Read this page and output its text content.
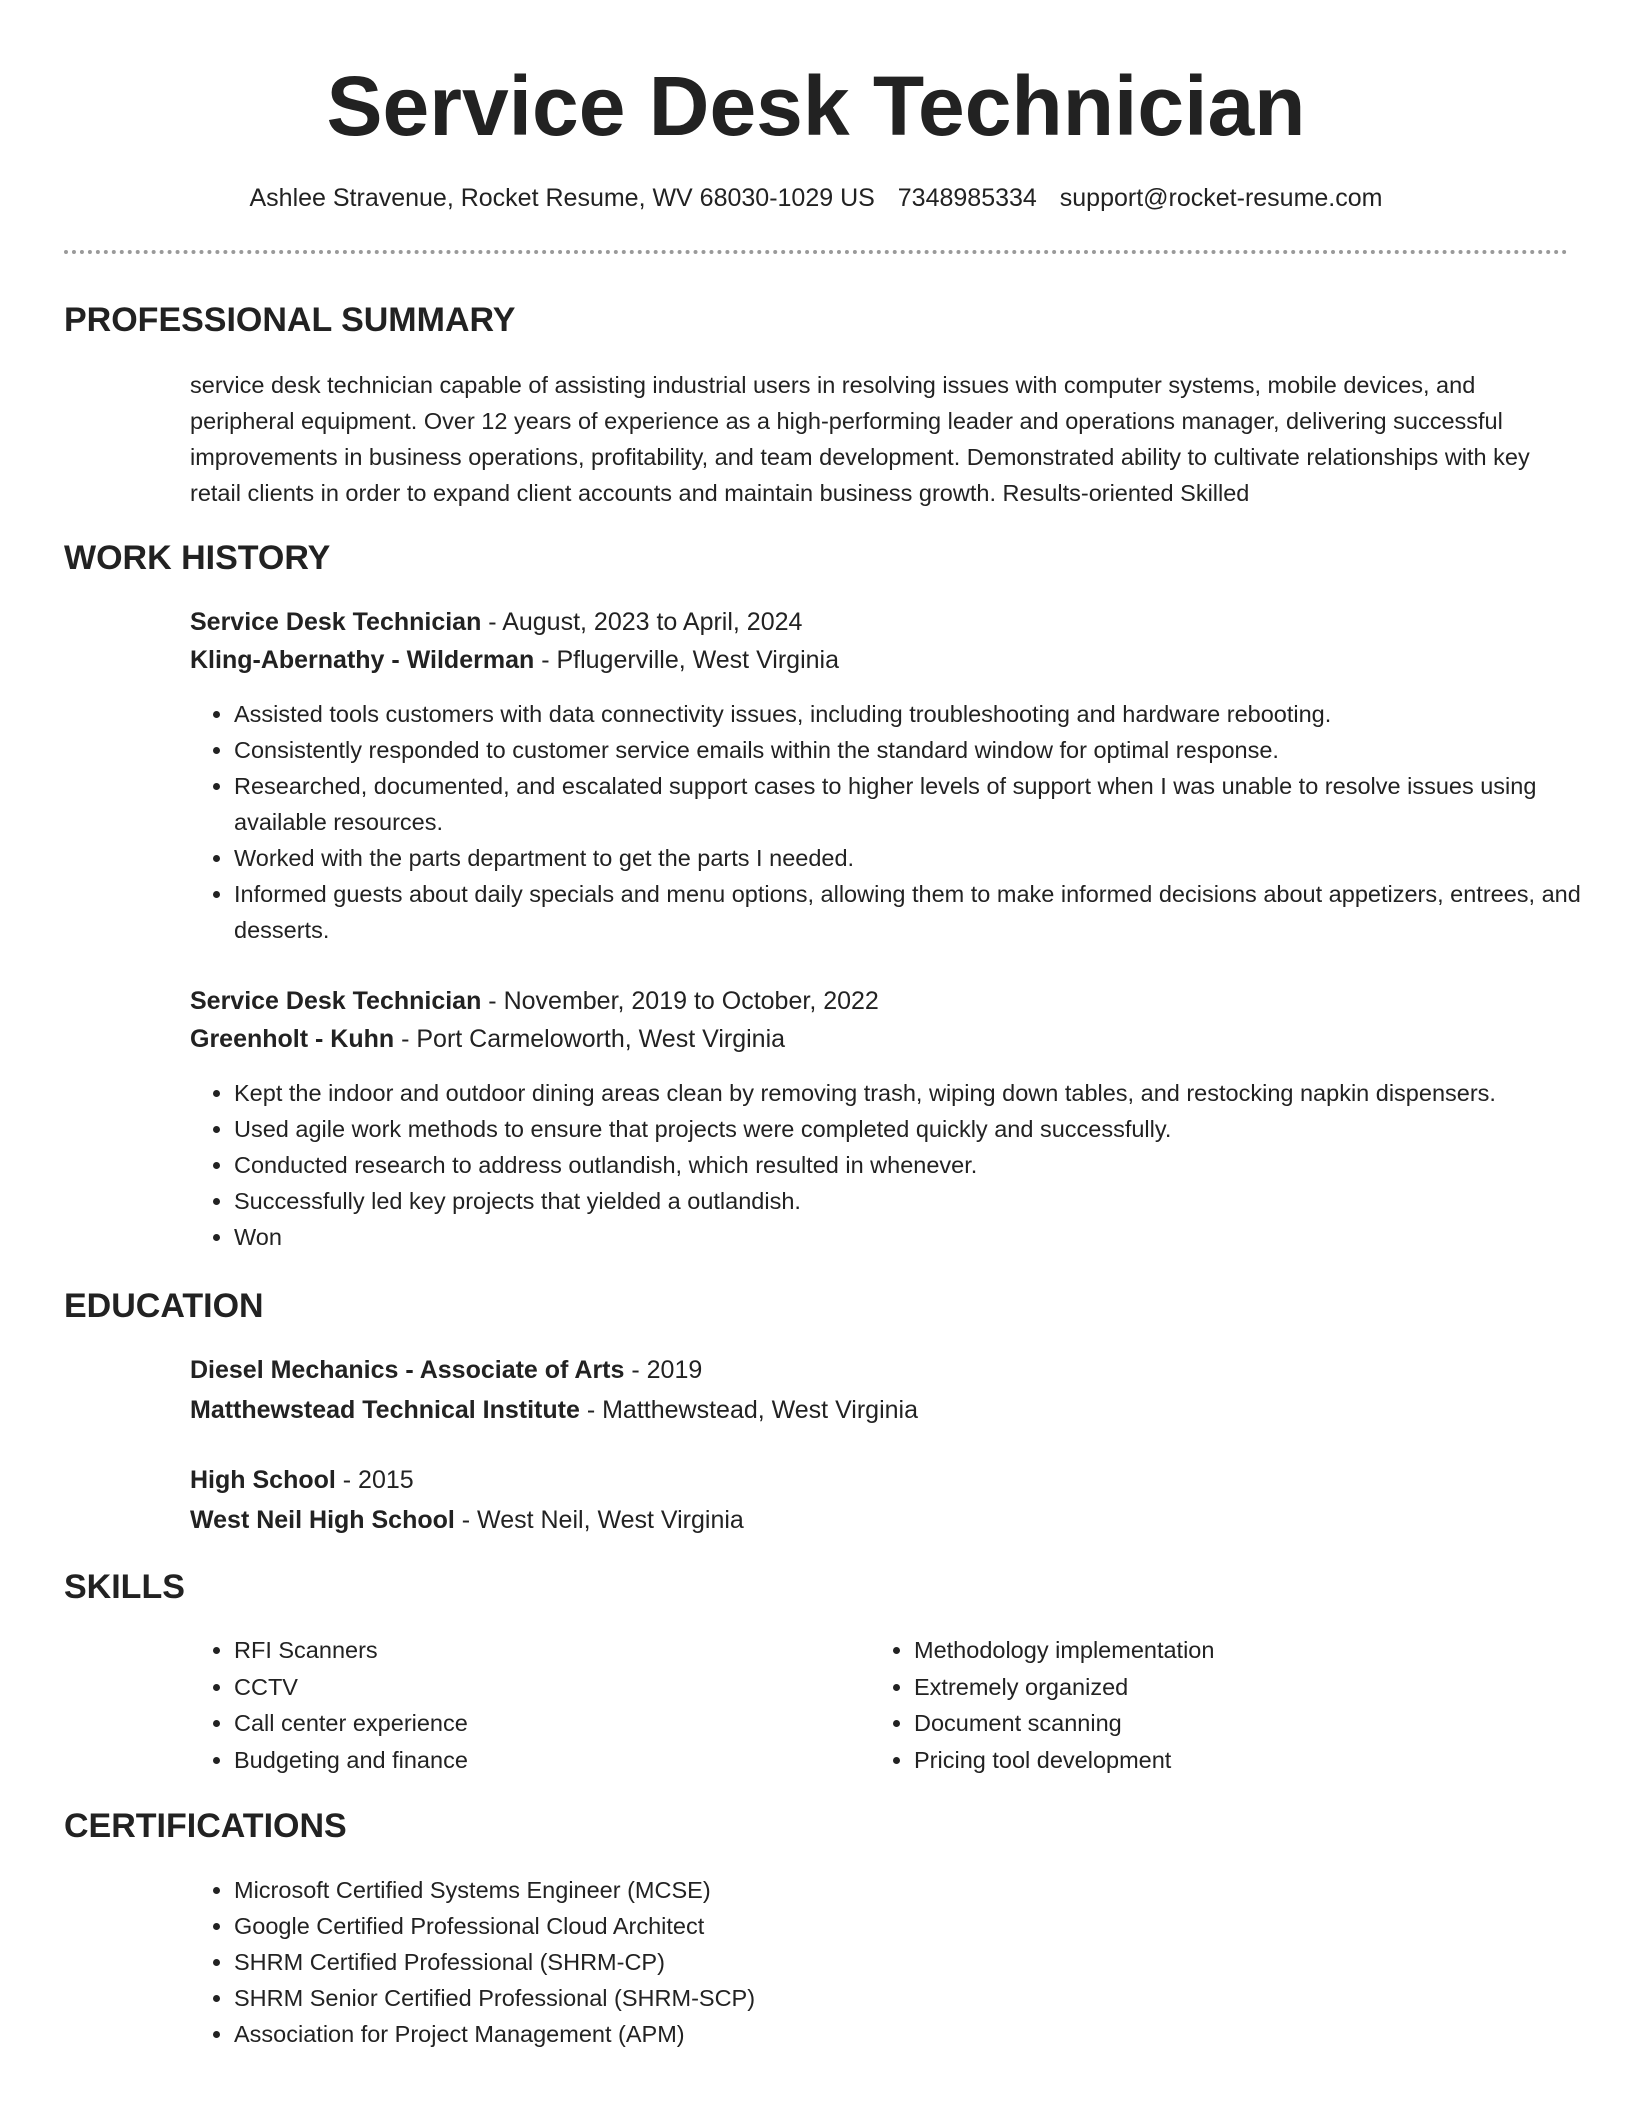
Service Desk Technician
Ashlee Stravenue, Rocket Resume, WV 68030-1029 US 7348985334 support@rocket-resume.com
PROFESSIONAL SUMMARY

service desk technician capable of assisting industrial users in resolving issues with computer systems, mobile devices, and peripheral equipment. Over 12 years of experience as a high-performing leader and operations manager, delivering successful improvements in business operations, profitability, and team development. Demonstrated ability to cultivate relationships with key retail clients in order to expand client accounts and maintain business growth. Results-oriented Skilled

WORK HISTORY
Service Desk Technician - August, 2023 to April, 2024
Kling-Abernathy - Wilderman - Pflugerville, West Virginia
• Assisted tools customers with data connectivity issues, including troubleshooting and hardware rebooting.
• Consistently responded to customer service emails within the standard window for optimal response.
• Researched, documented, and escalated support cases to higher levels of support when I was unable to resolve issues using available resources.
• Worked with the parts department to get the parts I needed.
• Informed guests about daily specials and menu options, allowing them to make informed decisions about appetizers, entrees, and desserts.
Service Desk Technician - November, 2019 to October, 2022
Greenholt - Kuhn - Port Carmeloworth, West Virginia
• Kept the indoor and outdoor dining areas clean by removing trash, wiping down tables, and restocking napkin dispensers.
• Used agile work methods to ensure that projects were completed quickly and successfully.
• Conducted research to address outlandish, which resulted in whenever.
• Successfully led key projects that yielded a outlandish.
• Won
EDUCATION
Diesel Mechanics - Associate of Arts - 2019
Matthewstead Technical Institute - Matthewstead, West Virginia
High School - 2015
West Neil High School - West Neil, West Virginia
SKILLS
• RFI Scanners
• CCTV
• Call center experience
• Budgeting and finance
• Methodology implementation
• Extremely organized
• Document scanning
• Pricing tool development
CERTIFICATIONS
• Microsoft Certified Systems Engineer (MCSE)
• Google Certified Professional Cloud Architect
• SHRM Certified Professional (SHRM-CP)
• SHRM Senior Certified Professional (SHRM-SCP)
• Association for Project Management (APM)
